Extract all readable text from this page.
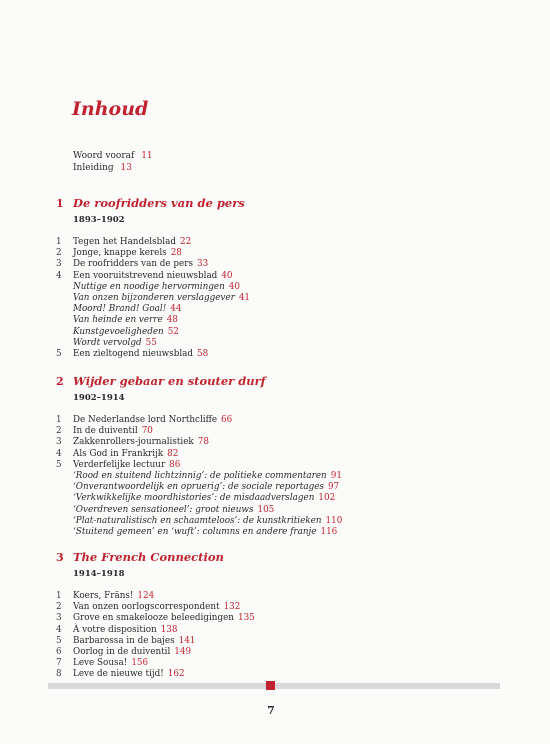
Inhoud
Woord vooraf 11
Inleiding 13
1 De roofridders van de pers
1893–1902
1	Tegen het Handelsblad 22
2	Jonge, knappe kerels 28
3	De roofridders van de pers 33
4	Een vooruitstrevend nieuwsblad 40
Nuttige en noodige hervormingen 40
Van onzen bijzonderen verslaggever 41
Moord! Brand! Goal! 44
Van heinde en verre 48
Kunstgevoeligheden 52
Wordt vervolgd 55
5	Een zieltogend nieuwsblad 58
2 Wijder gebaar en stouter durf
1902–1914
1	De Nederlandse lord Northcliffe 66
2	In de duiventil 70
3	Zakkenrollers-journalistiek 78
4	Als God in Frankrijk 82
5	Verderfelijke lectuur 86
‘Rood en stuitend lichtzinnig’: de politieke commentaren 91
‘Onverantwoordelijk en opruerig’: de sociale reportages 97
‘Verkwikkelijke moordhistories’: de misdaadverslagen 102
‘Overdreven sensationeel’: groot nieuws 105
‘Plat-naturalistisch en schaamteloos’: de kunstkritieken 110
‘Stuitend gemeen’ en ‘wuft’: columns en andere franje 116
3 The French Connection
1914–1918
1	Koers, Fräns! 124
2	Van onzen oorlogscorrespondent 132
3	Grove en smakelooze beleedigingen 135
4	À votre disposition 138
5	Barbarossa in de bajes 141
6	Oorlog in de duiventil 149
7	Leve Sousa! 156
8	Leve de nieuwe tijd! 162
7
